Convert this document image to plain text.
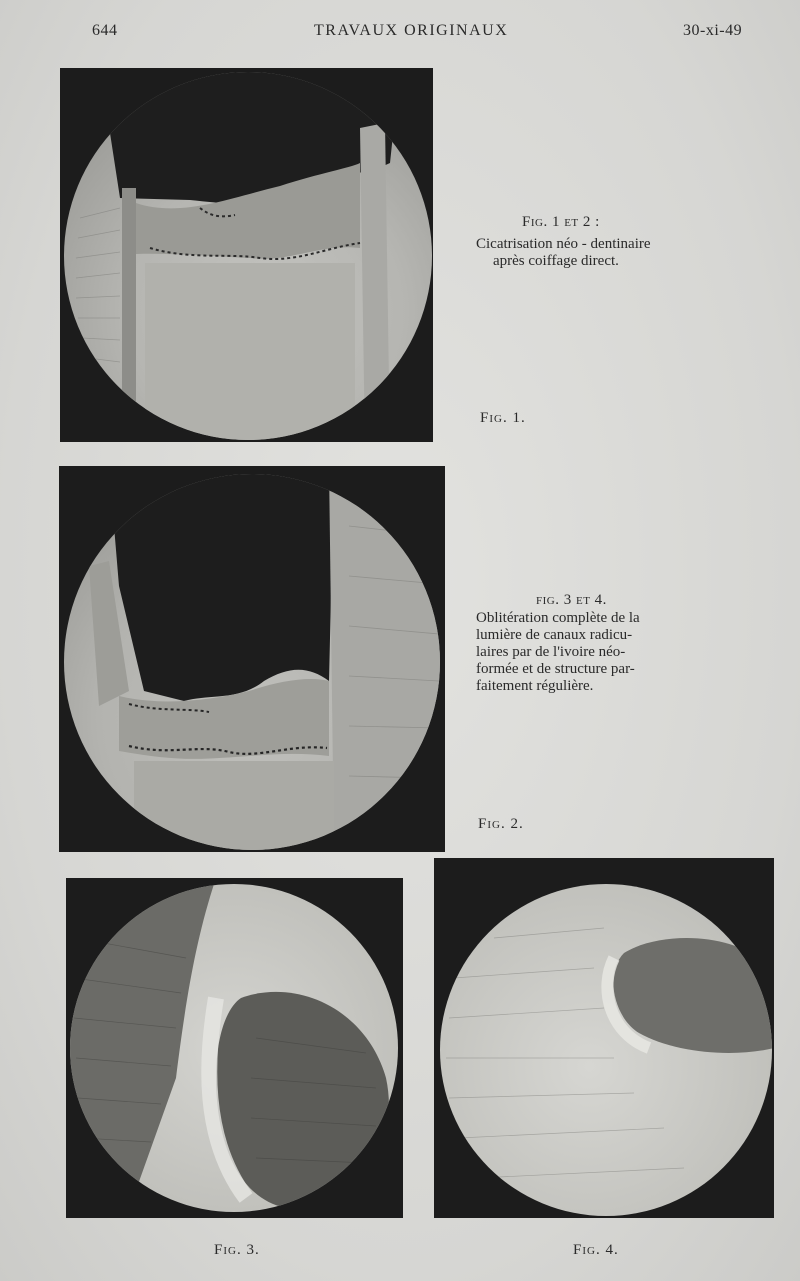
644	TRAVAUX ORIGINAUX	30-xi-49
Fig. 1 et 2 :
Cicatrisation néo - dentinaire
après coiffage direct.
Fig. 1.
fig. 3 et 4.
Oblitération complète de la
lumière de canaux radicu-
laires par de l'ivoire néo-
formée et de structure par-
faitement régulière.
Fig. 2.
Fig. 3.	Fig. 4.
